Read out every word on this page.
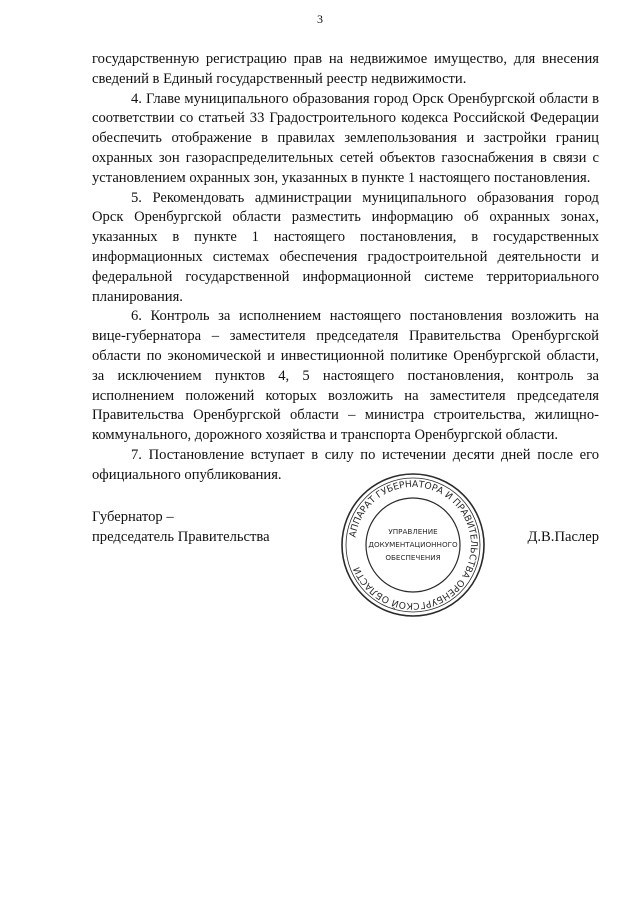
3

государственную регистрацию прав на недвижимое имущество, для внесения сведений в Единый государственный реестр недвижимости.

4. Главе муниципального образования город Орск Оренбургской области в соответствии со статьей 33 Градостроительного кодекса Российской Федерации обеспечить отображение в правилах землепользования и застройки границ охранных зон газораспределительных сетей объектов газоснабжения в связи с установлением охранных зон, указанных в пункте 1 настоящего постановления.

5. Рекомендовать администрации муниципального образования город Орск Оренбургской области разместить информацию об охранных зонах, указанных в пункте 1 настоящего постановления, в государственных информационных системах обеспечения градостроительной деятельности и федеральной государственной информационной системе территориального планирования.

6. Контроль за исполнением настоящего постановления возложить на вице-губернатора – заместителя председателя Правительства Оренбургской области по экономической и инвестиционной политике Оренбургской области, за исключением пунктов 4, 5 настоящего постановления, контроль за исполнением положений которых возложить на заместителя председателя Правительства Оренбургской области – министра строительства, жилищно-коммунального, дорожного хозяйства и транспорта Оренбургской области.

7. Постановление вступает в силу по истечении десяти дней после его официального опубликования.

Губернатор –
председатель Правительства	Д.В.Паслер
АППАРАТ ГУБЕРНАТОРА И ПРАВИТЕЛЬСТВА ОРЕНБУРГСКОЙ ОБЛАСТИ
УПРАВЛЕНИЕ
ДОКУМЕНТАЦИОННОГО
ОБЕСПЕЧЕНИЯ
